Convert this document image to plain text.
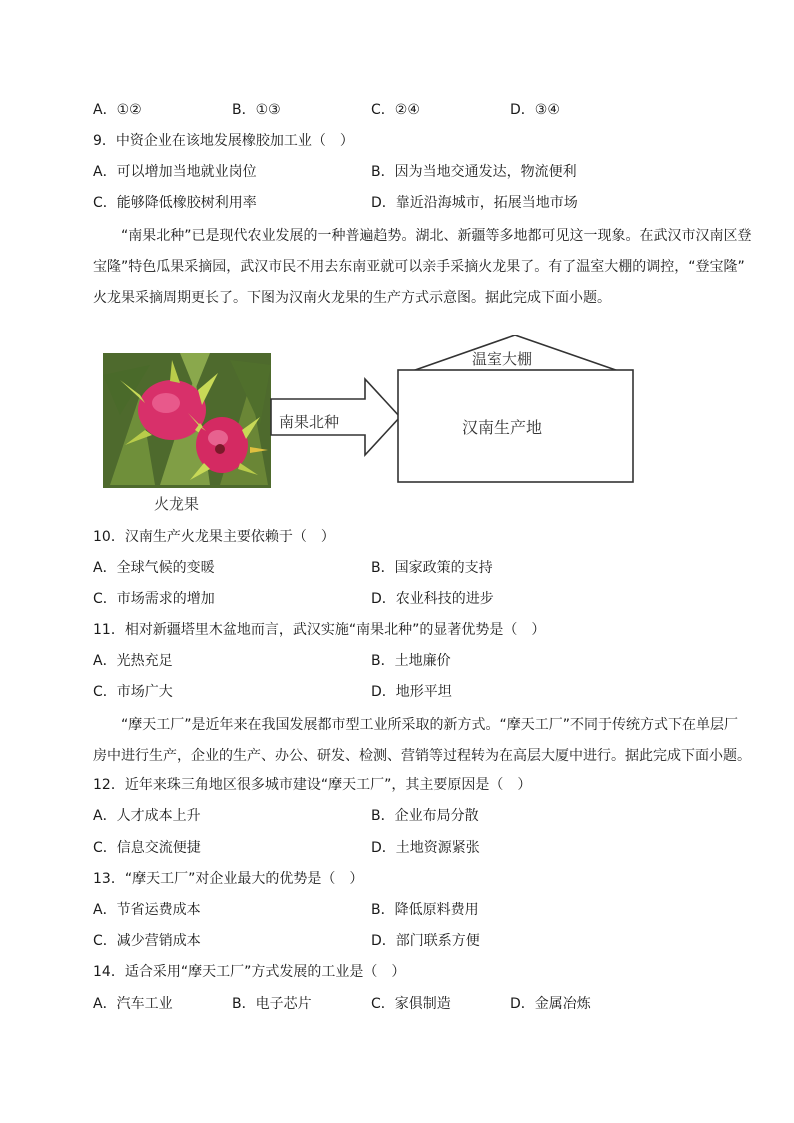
A．①②	B．①③	C．②④	D．③④
9．中资企业在该地发展橡胶加工业（　）
A．可以增加当地就业岗位	B．因为当地交通发达，物流便利
C．能够降低橡胶树利用率	D．靠近沿海城市，拓展当地市场

“南果北种”已是现代农业发展的一种普遍趋势。湖北、新疆等多地都可见这一现象。在武汉市汉南区登

宝隆”特色瓜果采摘园，武汉市民不用去东南亚就可以亲手采摘火龙果了。有了温室大棚的调控，“登宝隆”

火龙果采摘周期更长了。下图为汉南火龙果的生产方式示意图。据此完成下面小题。

南果北种
温室大棚
汉南生产地
火龙果
10．汉南生产火龙果主要依赖于（　）
A．全球气候的变暖	B．国家政策的支持
C．市场需求的增加	D．农业科技的进步
11．相对新疆塔里木盆地而言，武汉实施“南果北种”的显著优势是（　）
A．光热充足	B．土地廉价
C．市场广大	D．地形平坦

“摩天工厂”是近年来在我国发展都市型工业所采取的新方式。“摩天工厂”不同于传统方式下在单层厂

房中进行生产，企业的生产、办公、研发、检测、营销等过程转为在高层大厦中进行。据此完成下面小题。

12．近年来珠三角地区很多城市建设“摩天工厂”，其主要原因是（　）
A．人才成本上升	B．企业布局分散
C．信息交流便捷	D．土地资源紧张
13．“摩天工厂”对企业最大的优势是（　）
A．节省运费成本	B．降低原料费用
C．减少营销成本	D．部门联系方便
14．适合采用“摩天工厂”方式发展的工业是（　）
A．汽车工业	B．电子芯片	C．家俱制造	D．金属冶炼
